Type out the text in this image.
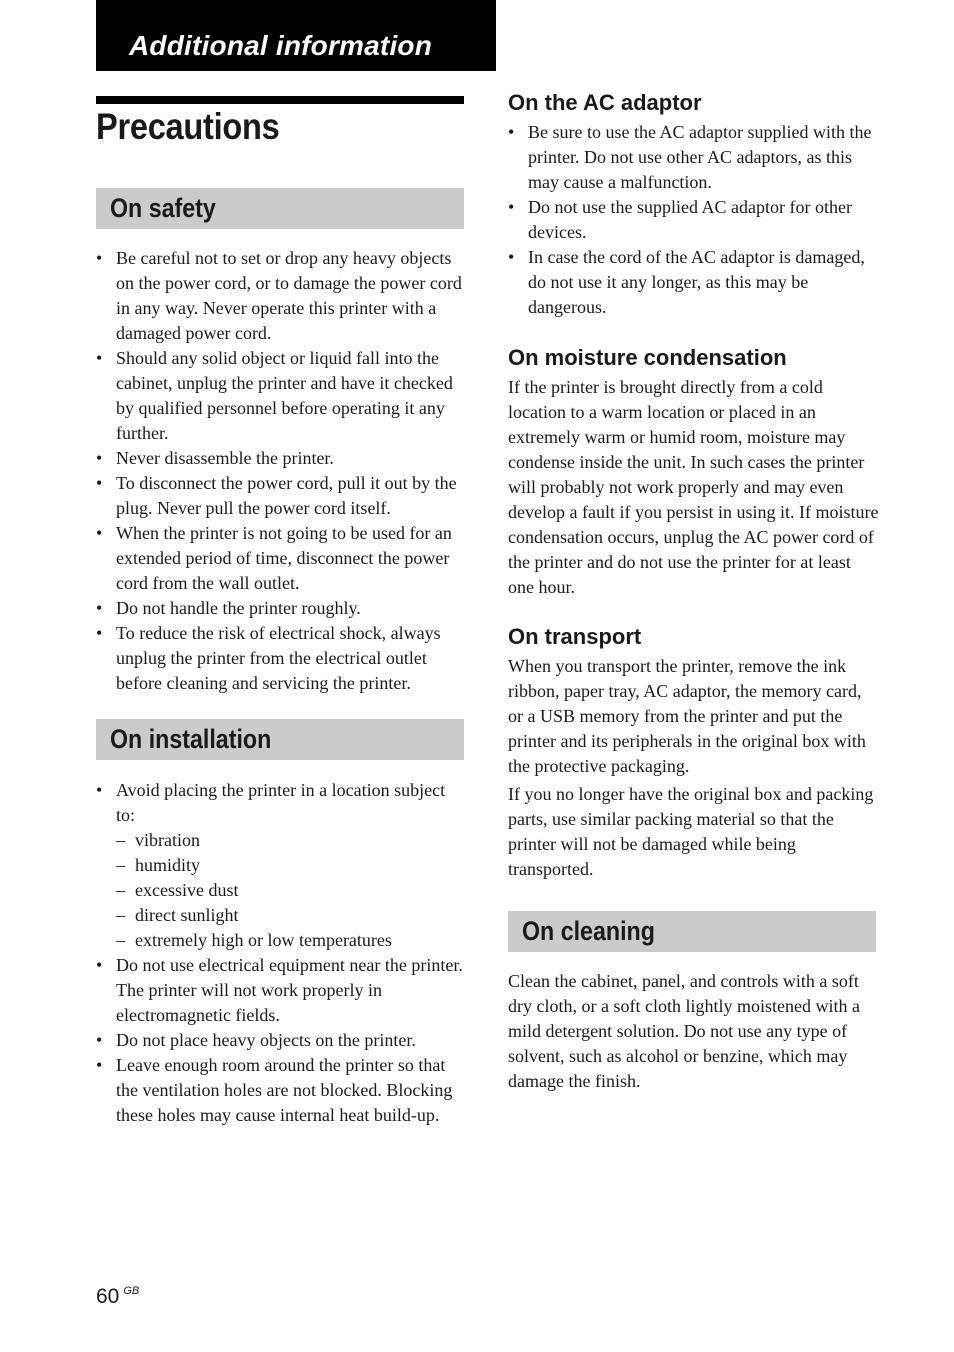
Additional information
Precautions
On safety
• Be careful not to set or drop any heavy objects on the power cord, or to damage the power cord in any way. Never operate this printer with a damaged power cord.
• Should any solid object or liquid fall into the cabinet, unplug the printer and have it checked by qualified personnel before operating it any further.
• Never disassemble the printer.
• To disconnect the power cord, pull it out by the plug. Never pull the power cord itself.
• When the printer is not going to be used for an extended period of time, disconnect the power cord from the wall outlet.
• Do not handle the printer roughly.
• To reduce the risk of electrical shock, always unplug the printer from the electrical outlet before cleaning and servicing the printer.
On installation
• Avoid placing the printer in a location subject to:
– vibration
– humidity
– excessive dust
– direct sunlight
– extremely high or low temperatures
• Do not use electrical equipment near the printer. The printer will not work properly in electromagnetic fields.
• Do not place heavy objects on the printer.
• Leave enough room around the printer so that the ventilation holes are not blocked. Blocking these holes may cause internal heat build-up.
On the AC adaptor
• Be sure to use the AC adaptor supplied with the printer. Do not use other AC adaptors, as this may cause a malfunction.
• Do not use the supplied AC adaptor for other devices.
• In case the cord of the AC adaptor is damaged, do not use it any longer, as this may be dangerous.
On moisture condensation

If the printer is brought directly from a cold location to a warm location or placed in an extremely warm or humid room, moisture may condense inside the unit. In such cases the printer will probably not work properly and may even develop a fault if you persist in using it. If moisture condensation occurs, unplug the AC power cord of the printer and do not use the printer for at least one hour.

On transport

When you transport the printer, remove the ink ribbon, paper tray, AC adaptor, the memory card, or a USB memory from the printer and put the printer and its peripherals in the original box with the protective packaging.

If you no longer have the original box and packing parts, use similar packing material so that the printer will not be damaged while being transported.

On cleaning

Clean the cabinet, panel, and controls with a soft dry cloth, or a soft cloth lightly moistened with a mild detergent solution. Do not use any type of solvent, such as alcohol or benzine, which may damage the finish.

60 $^{GB}$
